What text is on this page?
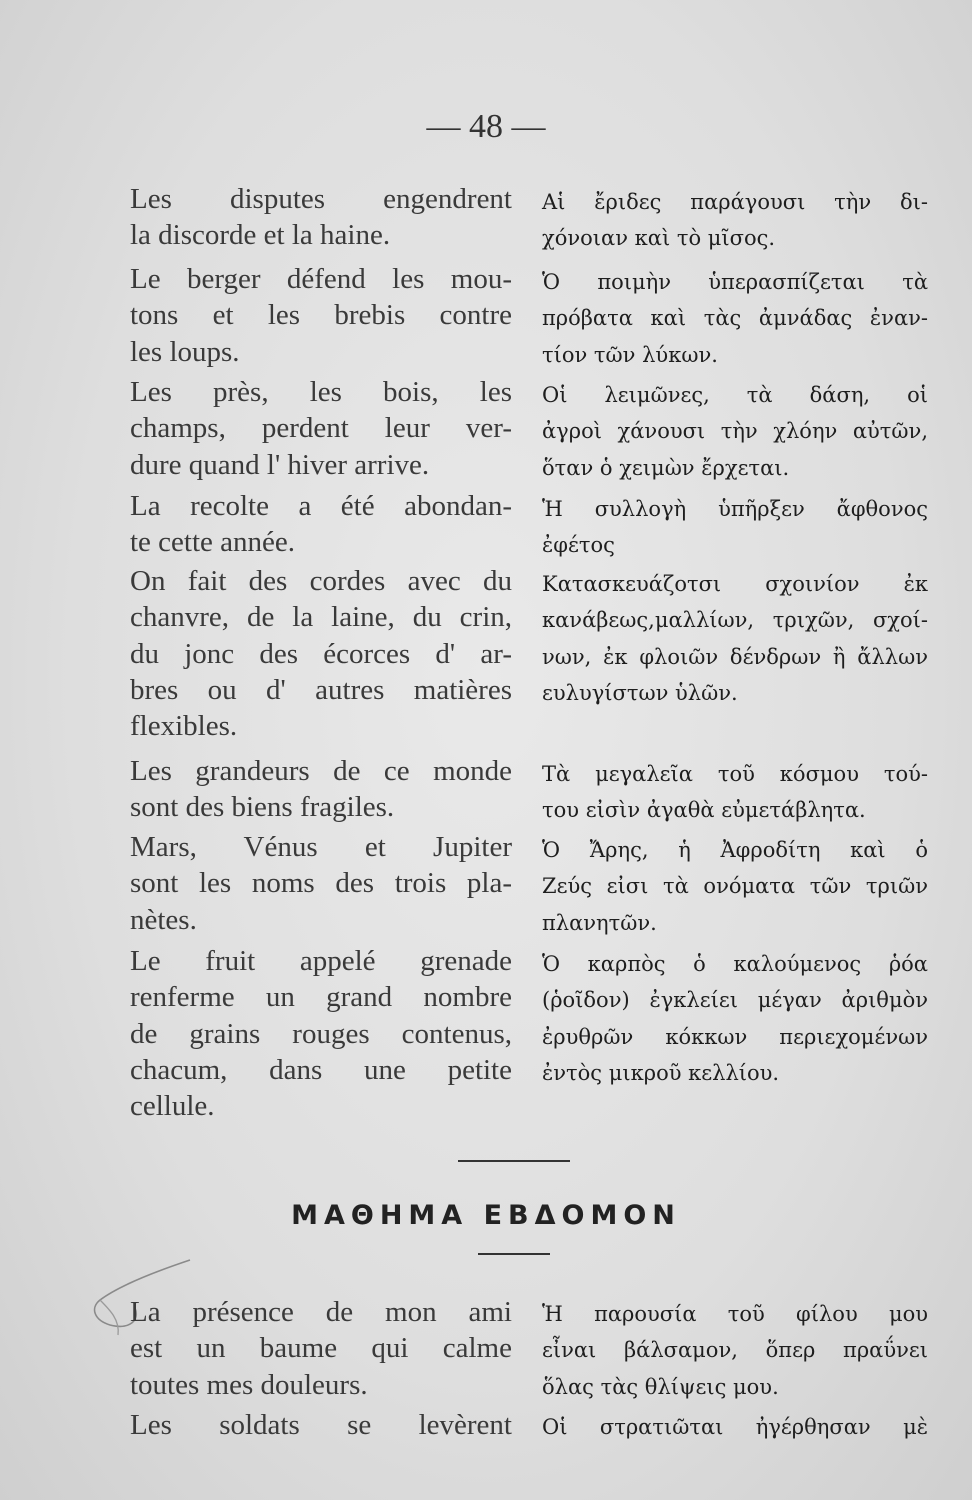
— 48 —
Les disputes engendrent
la discorde et la haine.
Le berger défend les mou-
tons et les brebis contre
les loups.
Les près, les bois, les
champs, perdent leur ver-
dure quand l' hiver arrive.
La recolte a été abondan-
te cette année.
On fait des cordes avec du
chanvre, de la laine, du crin,
du jonc des écorces d' ar-
bres ou d' autres matières
flexibles.
Les grandeurs de ce monde
sont des biens fragiles.
Mars, Vénus et Jupiter
sont les noms des trois pla-
nètes.
Le fruit appelé grenade
renferme un grand nombre
de grains rouges contenus,
chacum, dans une petite
cellule.
Αἱ ἔριδες παράγουσι τὴν δι-
χόνοιαν καὶ τὸ μῖσος.
Ὁ ποιμὴν ὑπερασπίζεται τὰ
πρόβατα καὶ τὰς ἀμνάδας ἐναν-
τίον τῶν λύκων.
Οἱ λειμῶνες, τὰ δάση, οἱ
ἀγροὶ χάνουσι τὴν χλόην αὐτῶν,
ὅταν ὁ χειμὼν ἔρχεται.
Ἡ συλλογὴ ὑπῆρξεν ἄφθονος
ἐφέτος
Κατασκευάζοτσι σχοινίον ἐκ
κανάβεως,μαλλίων, τριχῶν, σχοί-
νων, ἐκ φλοιῶν δένδρων ἢ ἄλλων
ευλυγίστων ὑλῶν.
Τὰ μεγαλεῖα τοῦ κόσμου τού-
του εἰσὶν ἀγαθὰ εὐμετάβλητα.
Ὁ Ἄρης, ἡ Ἀφροδίτη καὶ ὁ
Ζεύς εἰσι τὰ ονόματα τῶν τριῶν
πλανητῶν.
Ὁ καρπὸς ὁ καλούμενος ῥόα
(ῥοῖδον) ἐγκλείει μέγαν ἀριθμὸν
ἐρυθρῶν κόκκων περιεχομένων
ἐντὸς μικροῦ κελλίου.
ΜΑΘΗΜΑ ΕΒΔΟΜΟΝ
La présence de mon ami
est un baume qui calme
toutes mes douleurs.
Les soldats se levèrent
Ἡ παρουσία τοῦ φίλου μου
εἶναι βάλσαμον, ὅπερ πραΰνει
ὅλας τὰς θλίψεις μου.
Οἱ στρατιῶται ἠγέρθησαν μὲ
